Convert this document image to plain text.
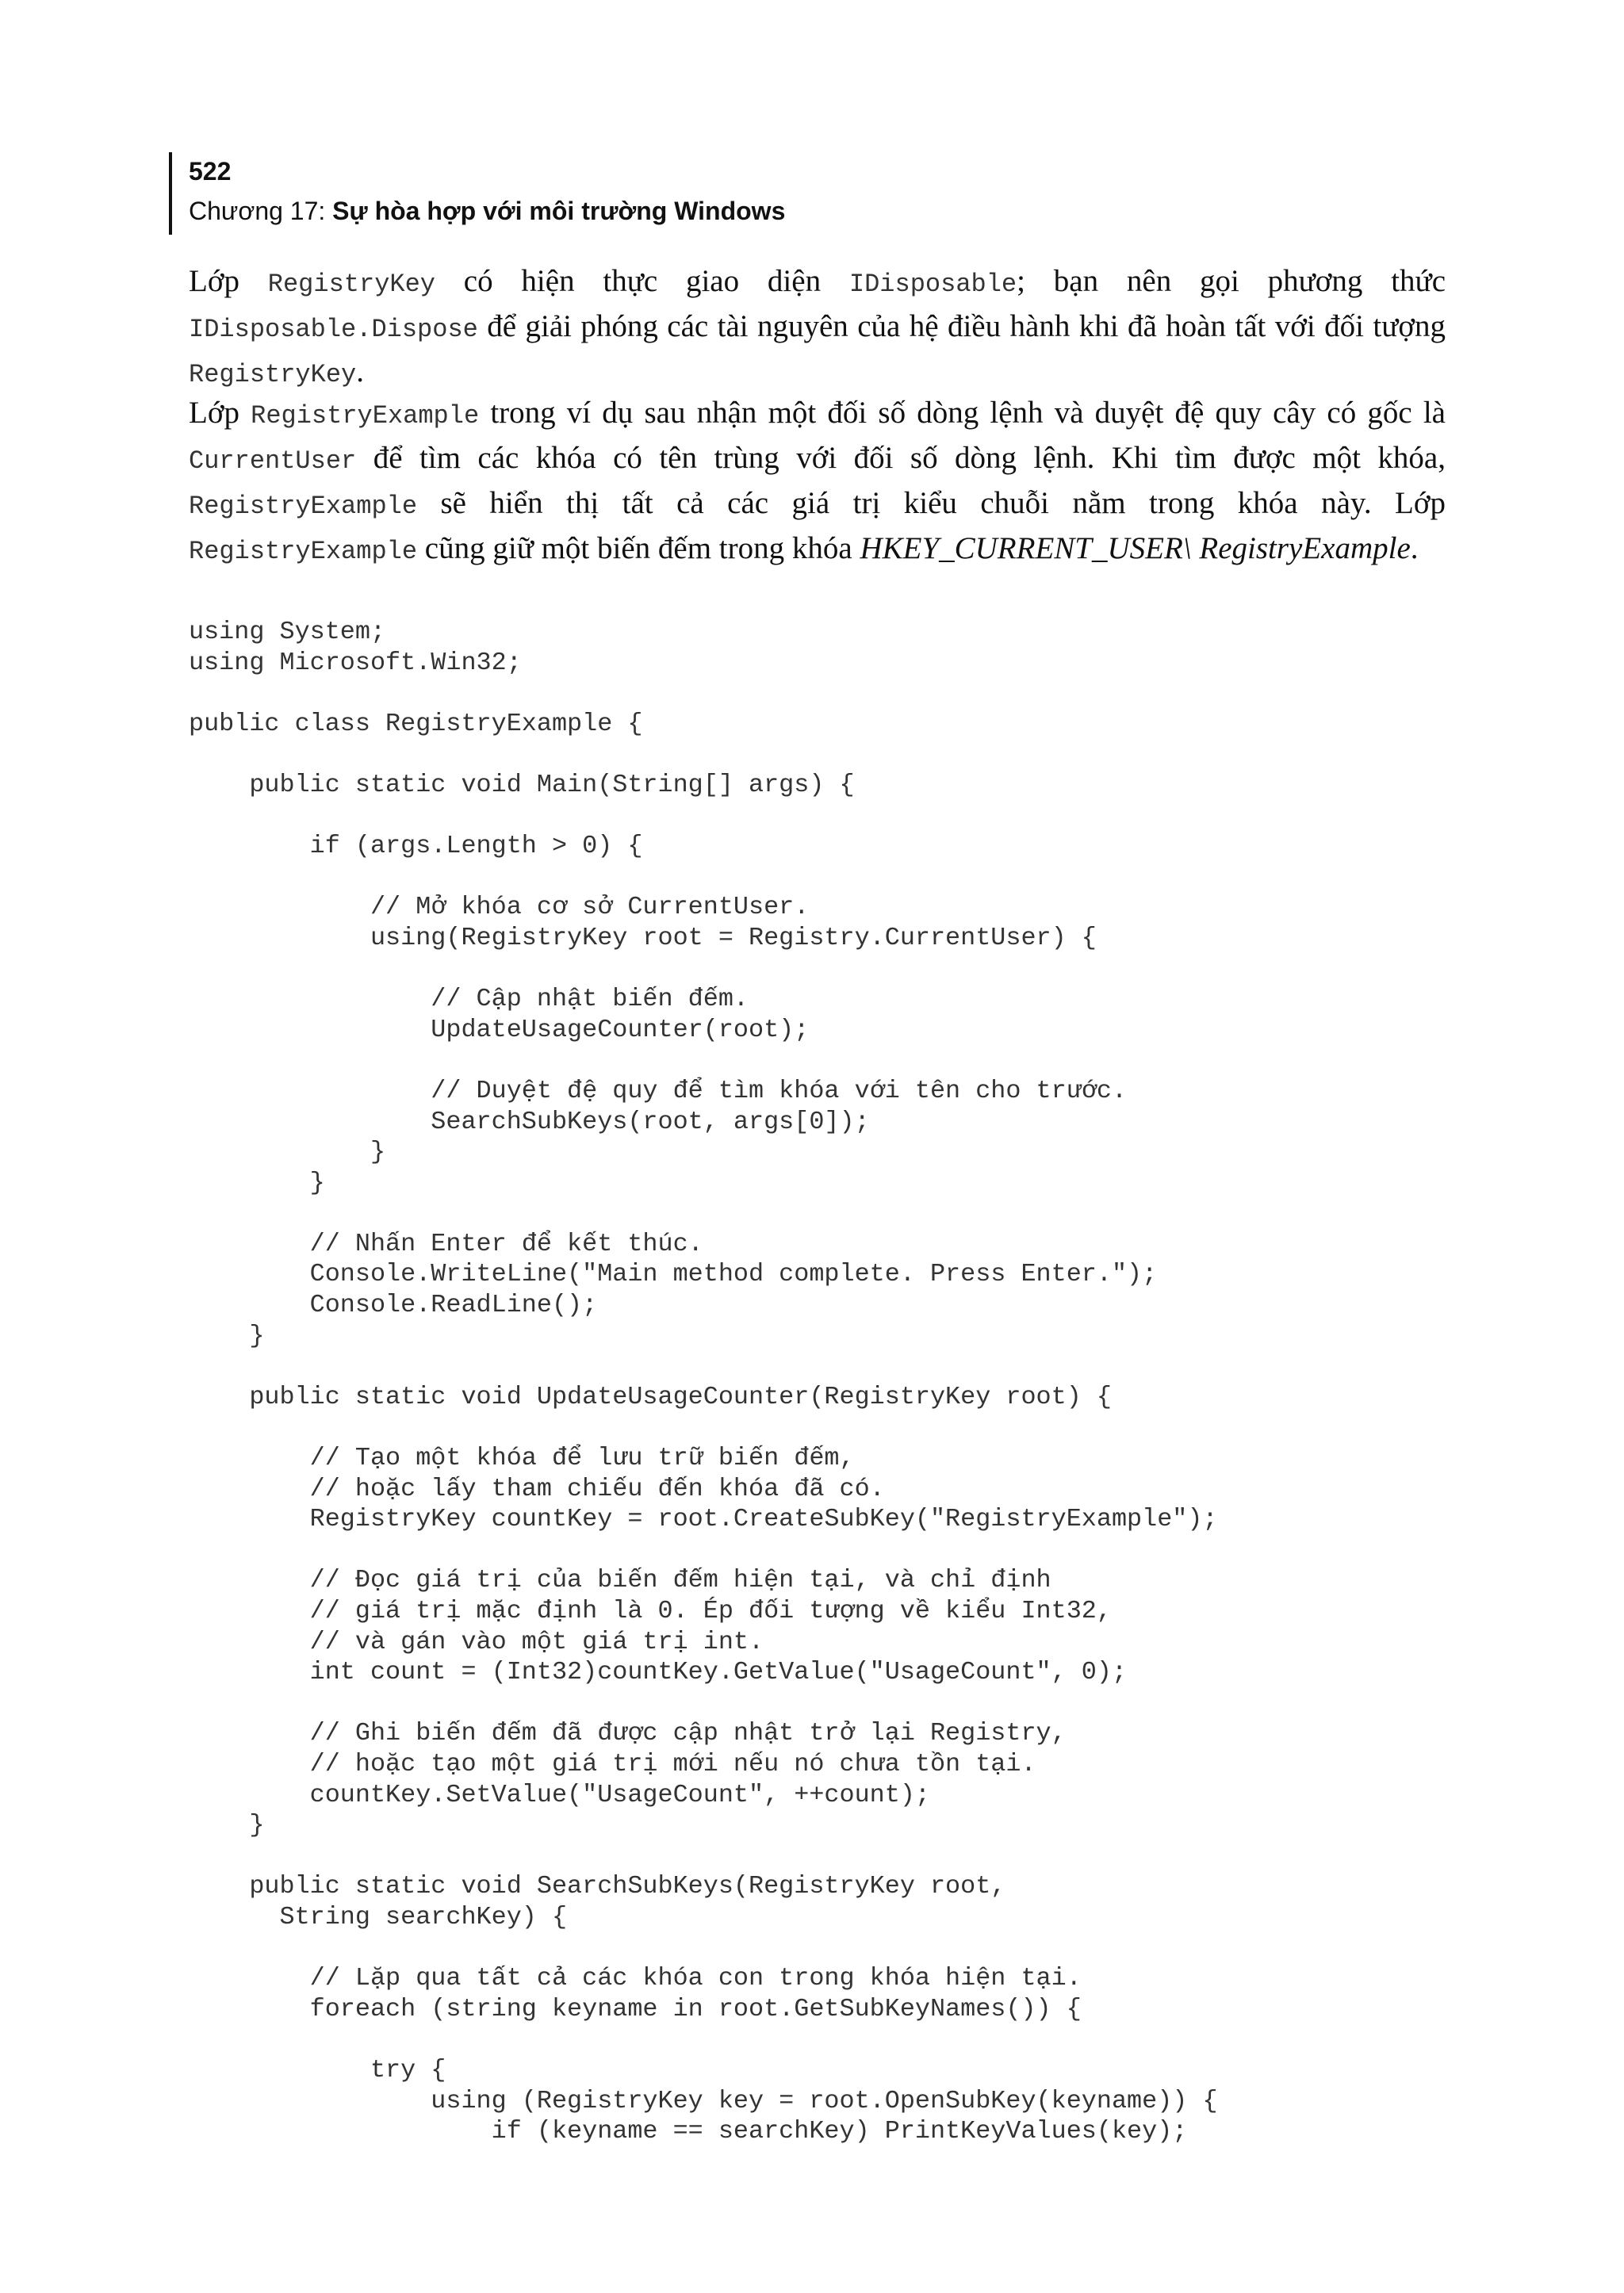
522
Chương 17: Sự hòa hợp với môi trường Windows

Lớp RegistryKey có hiện thực giao diện IDisposable; bạn nên gọi phương thức IDisposable.Dispose để giải phóng các tài nguyên của hệ điều hành khi đã hoàn tất với đối tượng RegistryKey.

Lớp RegistryExample trong ví dụ sau nhận một đối số dòng lệnh và duyệt đệ quy cây có gốc là CurrentUser để tìm các khóa có tên trùng với đối số dòng lệnh. Khi tìm được một khóa, RegistryExample sẽ hiển thị tất cả các giá trị kiểu chuỗi nằm trong khóa này. Lớp RegistryExample cũng giữ một biến đếm trong khóa HKEY_CURRENT_USER\ RegistryExample.

using System;
using Microsoft.Win32;

public class RegistryExample {

public static void Main(String[] args) {

if (args.Length > 0) {

// Mở khóa cơ sở CurrentUser.
using(RegistryKey root = Registry.CurrentUser) {

// Cập nhật biến đếm.
UpdateUsageCounter(root);

// Duyệt đệ quy để tìm khóa với tên cho trước.
SearchSubKeys(root, args[0]);
}
}

// Nhấn Enter để kết thúc.
Console.WriteLine("Main method complete. Press Enter.");
Console.ReadLine();
}

public static void UpdateUsageCounter(RegistryKey root) {

// Tạo một khóa để lưu trữ biến đếm,
// hoặc lấy tham chiếu đến khóa đã có.
RegistryKey countKey = root.CreateSubKey("RegistryExample");

// Đọc giá trị của biến đếm hiện tại, và chỉ định
// giá trị mặc định là 0. Ép đối tượng về kiểu Int32,
// và gán vào một giá trị int.
int count = (Int32)countKey.GetValue("UsageCount", 0);

// Ghi biến đếm đã được cập nhật trở lại Registry,
// hoặc tạo một giá trị mới nếu nó chưa tồn tại.
countKey.SetValue("UsageCount", ++count);
}

public static void SearchSubKeys(RegistryKey root,
String searchKey) {

// Lặp qua tất cả các khóa con trong khóa hiện tại.
foreach (string keyname in root.GetSubKeyNames()) {

try {
using (RegistryKey key = root.OpenSubKey(keyname)) {
if (keyname == searchKey) PrintKeyValues(key);
